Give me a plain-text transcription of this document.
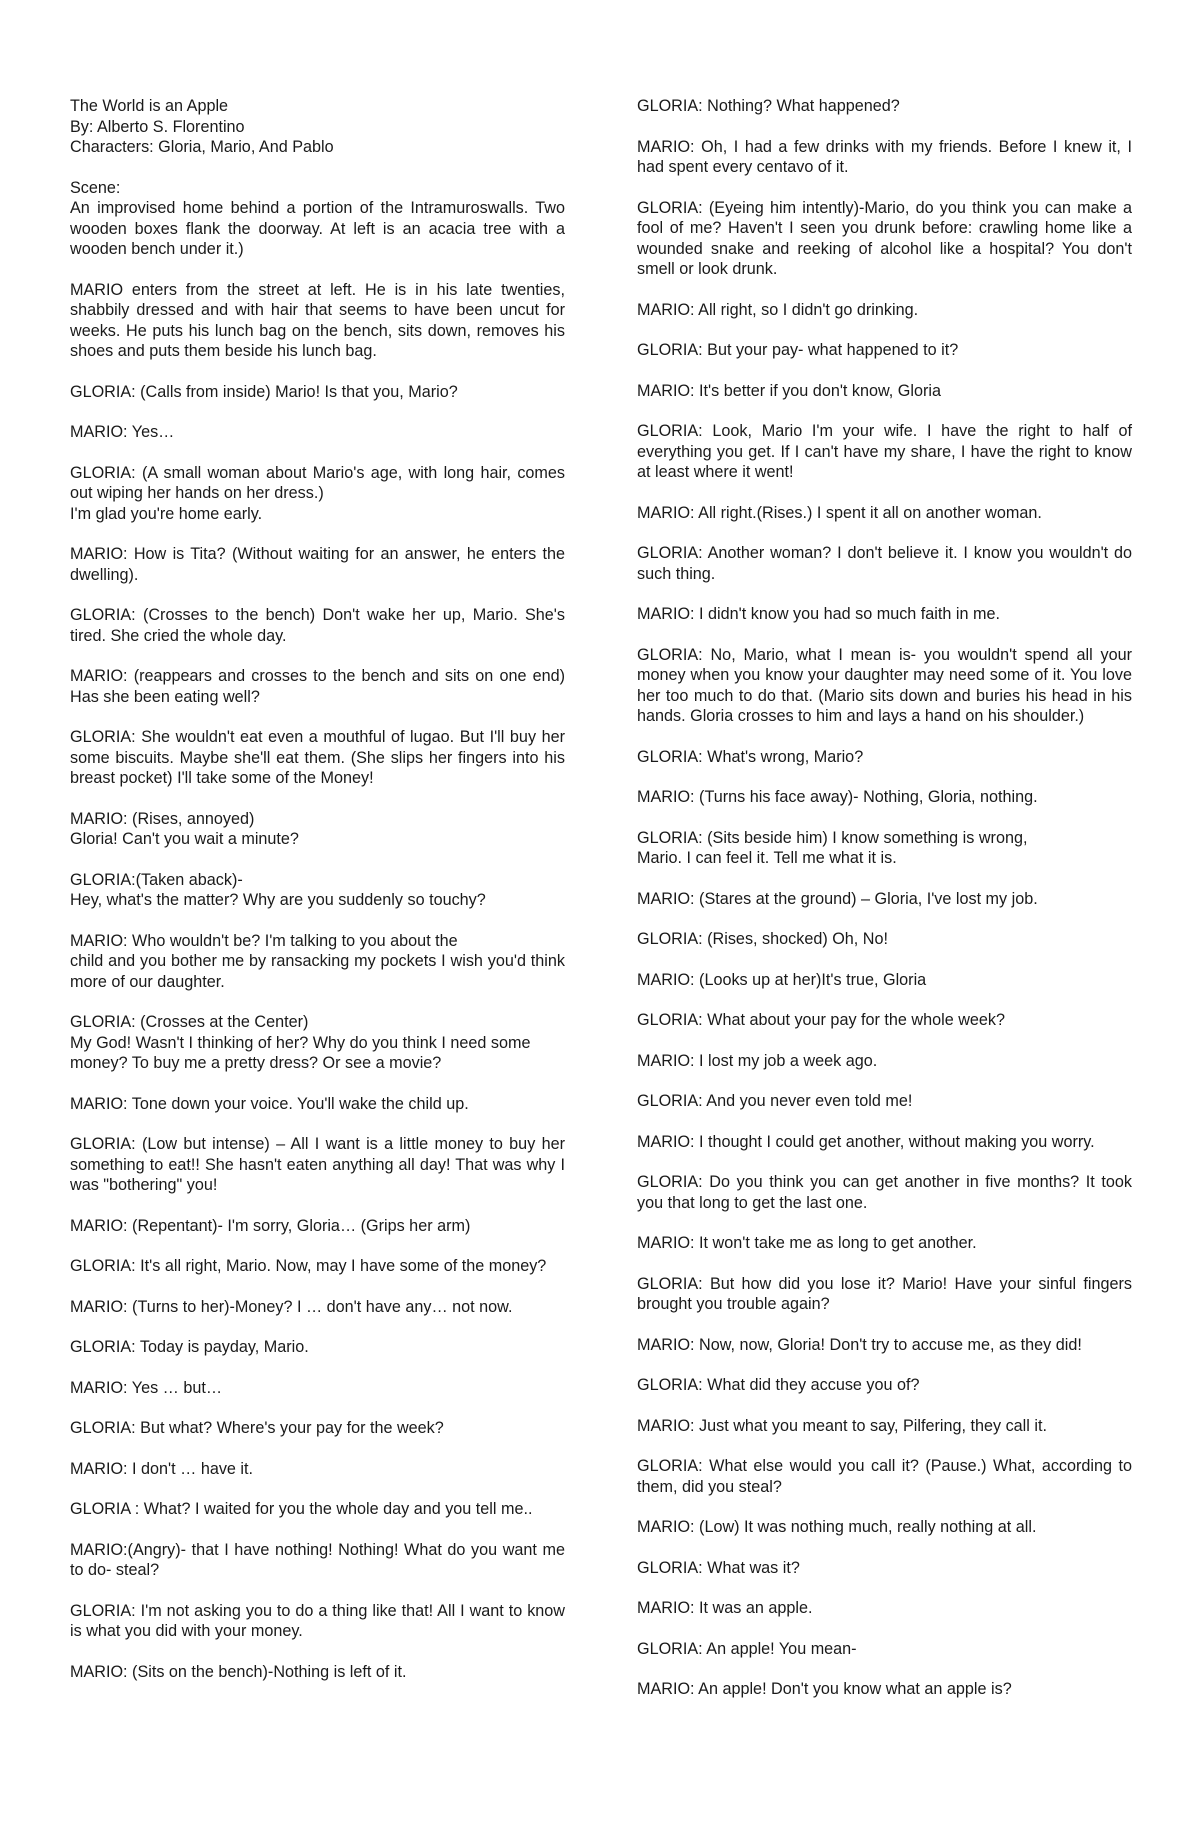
The World is an Apple
By: Alberto S. Florentino
Characters: Gloria, Mario, And Pablo
Scene:
An improvised home behind a portion of the Intramuroswalls. Two wooden boxes flank the doorway. At left is an acacia tree with a wooden bench under it.)
MARIO enters from the street at left. He is in his late twenties, shabbily dressed and with hair that seems to have been uncut for weeks. He puts his lunch bag on the bench, sits down, removes his shoes and puts them beside his lunch bag.
GLORIA: (Calls from inside) Mario! Is that you, Mario?
MARIO: Yes…
GLORIA: (A small woman about Mario's age, with long hair, comes out wiping her hands on her dress.)
I'm glad you're home early.
MARIO: How is Tita? (Without waiting for an answer, he enters the dwelling).
GLORIA: (Crosses to the bench) Don't wake her up, Mario. She's tired. She cried the whole day.
MARIO: (reappears and crosses to the bench and sits on one end) Has she been eating well?
GLORIA: She wouldn't eat even a mouthful of lugao. But I'll buy her some biscuits. Maybe she'll eat them. (She slips her fingers into his breast pocket) I'll take some of the Money!
MARIO: (Rises, annoyed)
Gloria! Can't you wait a minute?
GLORIA:(Taken aback)-
Hey, what's the matter? Why are you suddenly so touchy?
MARIO: Who wouldn't be? I'm talking to you about the
child and you bother me by ransacking my pockets I wish you'd think more of our daughter.
GLORIA: (Crosses at the Center)
My God! Wasn't I thinking of her? Why do you think I need some
money? To buy me a pretty dress? Or see a movie?
MARIO: Tone down your voice. You'll wake the child up.
GLORIA: (Low but intense) – All I want is a little money to buy her something to eat!! She hasn't eaten anything all day! That was why I was "bothering" you!
MARIO: (Repentant)- I'm sorry, Gloria… (Grips her arm)
GLORIA: It's all right, Mario. Now, may I have some of the money?
MARIO: (Turns to her)-Money? I … don't have any… not now.
GLORIA: Today is payday, Mario.
MARIO: Yes … but…
GLORIA: But what? Where's your pay for the week?
MARIO: I don't … have it.
GLORIA : What? I waited for you the whole day and you tell me..
MARIO:(Angry)- that I have nothing! Nothing! What do you want me to do- steal?
GLORIA: I'm not asking you to do a thing like that! All I want to know is what you did with your money.
MARIO: (Sits on the bench)-Nothing is left of it.
GLORIA: Nothing? What happened?
MARIO: Oh, I had a few drinks with my friends. Before I knew it, I had spent every centavo of it.
GLORIA: (Eyeing him intently)-Mario, do you think you can make a fool of me? Haven't I seen you drunk before: crawling home like a wounded snake and reeking of alcohol like a hospital? You don't smell or look drunk.
MARIO: All right, so I didn't go drinking.
GLORIA: But your pay- what happened to it?
MARIO: It's better if you don't know, Gloria
GLORIA: Look, Mario I'm your wife. I have the right to half of everything you get. If I can't have my share, I have the right to know at least where it went!
MARIO: All right.(Rises.) I spent it all on another woman.
GLORIA: Another woman? I don't believe it. I know you wouldn't do such thing.
MARIO: I didn't know you had so much faith in me.
GLORIA: No, Mario, what I mean is- you wouldn't spend all your money when you know your daughter may need some of it. You love her too much to do that. (Mario sits down and buries his head in his hands. Gloria crosses to him and lays a hand on his shoulder.)
GLORIA: What's wrong, Mario?
MARIO: (Turns his face away)- Nothing, Gloria, nothing.
GLORIA: (Sits beside him) I know something is wrong,
Mario. I can feel it. Tell me what it is.
MARIO: (Stares at the ground) – Gloria, I've lost my job.
GLORIA: (Rises, shocked) Oh, No!
MARIO: (Looks up at her)It's true, Gloria
GLORIA: What about your pay for the whole week?
MARIO: I lost my job a week ago.
GLORIA: And you never even told me!
MARIO: I thought I could get another, without making you worry.
GLORIA: Do you think you can get another in five months? It took you that long to get the last one.
MARIO: It won't take me as long to get another.
GLORIA: But how did you lose it? Mario! Have your sinful fingers brought you trouble again?
MARIO: Now, now, Gloria! Don't try to accuse me, as they did!
GLORIA: What did they accuse you of?
MARIO: Just what you meant to say, Pilfering, they call it.
GLORIA: What else would you call it? (Pause.) What, according to them, did you steal?
MARIO: (Low) It was nothing much, really nothing at all.
GLORIA: What was it?
MARIO: It was an apple.
GLORIA: An apple! You mean-
MARIO: An apple! Don't you know what an apple is?
